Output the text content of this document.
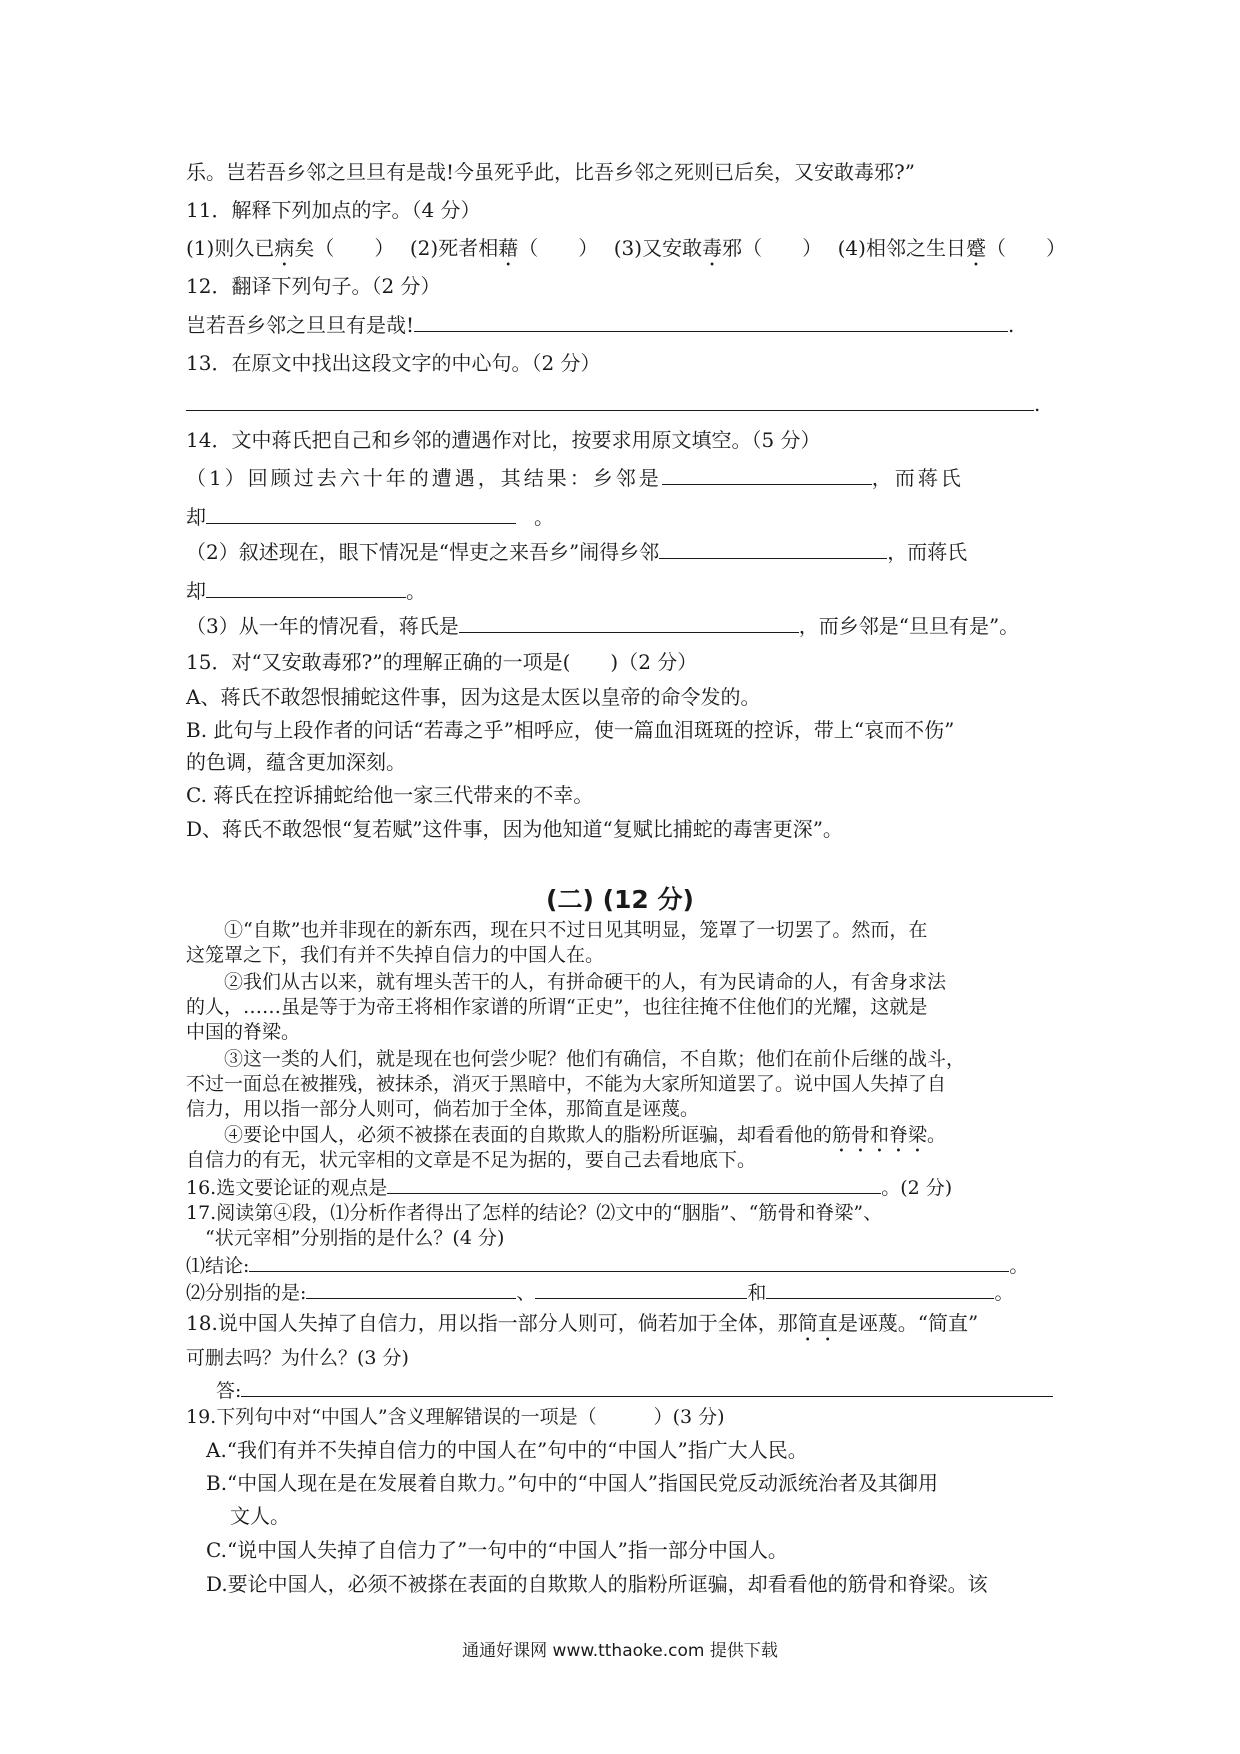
乐。岂若吾乡邻之旦旦有是哉!今虽死乎此，比吾乡邻之死则已后矣，又安敢毒邪?”
11．解释下列加点的字。（4 分）
(1)则久已病矣（　　） (2)死者相藉（　　） (3)又安敢毒邪（　　） (4)相邻之生日蹙（　　）
12．翻译下列句子。（2 分）
岂若吾乡邻之旦旦有是哉!	.
13．在原文中找出这段文字的中心句。（2 分）
.
14．文中蒋氏把自己和乡邻的遭遇作对比，按要求用原文填空。（5 分）
（1）回顾过去六十年的遭遇，其结果：乡邻是	，而蒋氏
却	。
（2）叙述现在，眼下情况是“悍吏之来吾乡”闹得乡邻	，而蒋氏
却	。
（3）从一年的情况看，蒋氏是	，而乡邻是“旦旦有是”。
15．对“又安敢毒邪?”的理解正确的一项是(　　)（2 分）
A、蒋氏不敢怨恨捕蛇这件事，因为这是太医以皇帝的命令发的。
B. 此句与上段作者的问话“若毒之乎”相呼应，使一篇血泪斑斑的控诉，带上“哀而不伤”
的色调，蕴含更加深刻。
C. 蒋氏在控诉捕蛇给他一家三代带来的不幸。
D、蒋氏不敢怨恨“复若赋”这件事，因为他知道“复赋比捕蛇的毒害更深”。
(二) (12 分)
　　①“自欺”也并非现在的新东西，现在只不过日见其明显，笼罩了一切罢了。然而，在
这笼罩之下，我们有并不失掉自信力的中国人在。
　　②我们从古以来，就有埋头苦干的人，有拼命硬干的人，有为民请命的人，有舍身求法
的人，……虽是等于为帝王将相作家谱的所谓“正史”，也往往掩不住他们的光耀，这就是
中国的脊梁。
　　③这一类的人们，就是现在也何尝少呢？他们有确信，不自欺；他们在前仆后继的战斗，
不过一面总在被摧残，被抹杀，消灭于黑暗中，不能为大家所知道罢了。说中国人失掉了自
信力，用以指一部分人则可，倘若加于全体，那简直是诬蔑。
　　④要论中国人，必须不被搽在表面的自欺欺人的脂粉所诓骗，却看看他的筋骨和脊梁。
自信力的有无，状元宰相的文章是不足为据的，要自己去看地底下。
16.选文要论证的观点是	。(2 分)
17.阅读第④段，⑴分析作者得出了怎样的结论？⑵文中的“胭脂”、“筋骨和脊梁”、
　“状元宰相”分别指的是什么？(4 分)
⑴结论:	。
⑵分别指的是:	、	和	。
18.说中国人失掉了自信力，用以指一部分人则可，倘若加于全体，那简直是诬蔑。“简直”
可删去吗？为什么？(3 分)
答:
19.下列句中对“中国人”含义理解错误的一项是（　　　）(3 分)
A.“我们有并不失掉自信力的中国人在”句中的“中国人”指广大人民。
B.“中国人现在是在发展着自欺力。”句中的“中国人”指国民党反动派统治者及其御用
文人。
C.“说中国人失掉了自信力了”一句中的“中国人”指一部分中国人。
D.要论中国人，必须不被搽在表面的自欺欺人的脂粉所诓骗，却看看他的筋骨和脊梁。该
通通好课网 www.tthaoke.com 提供下载
